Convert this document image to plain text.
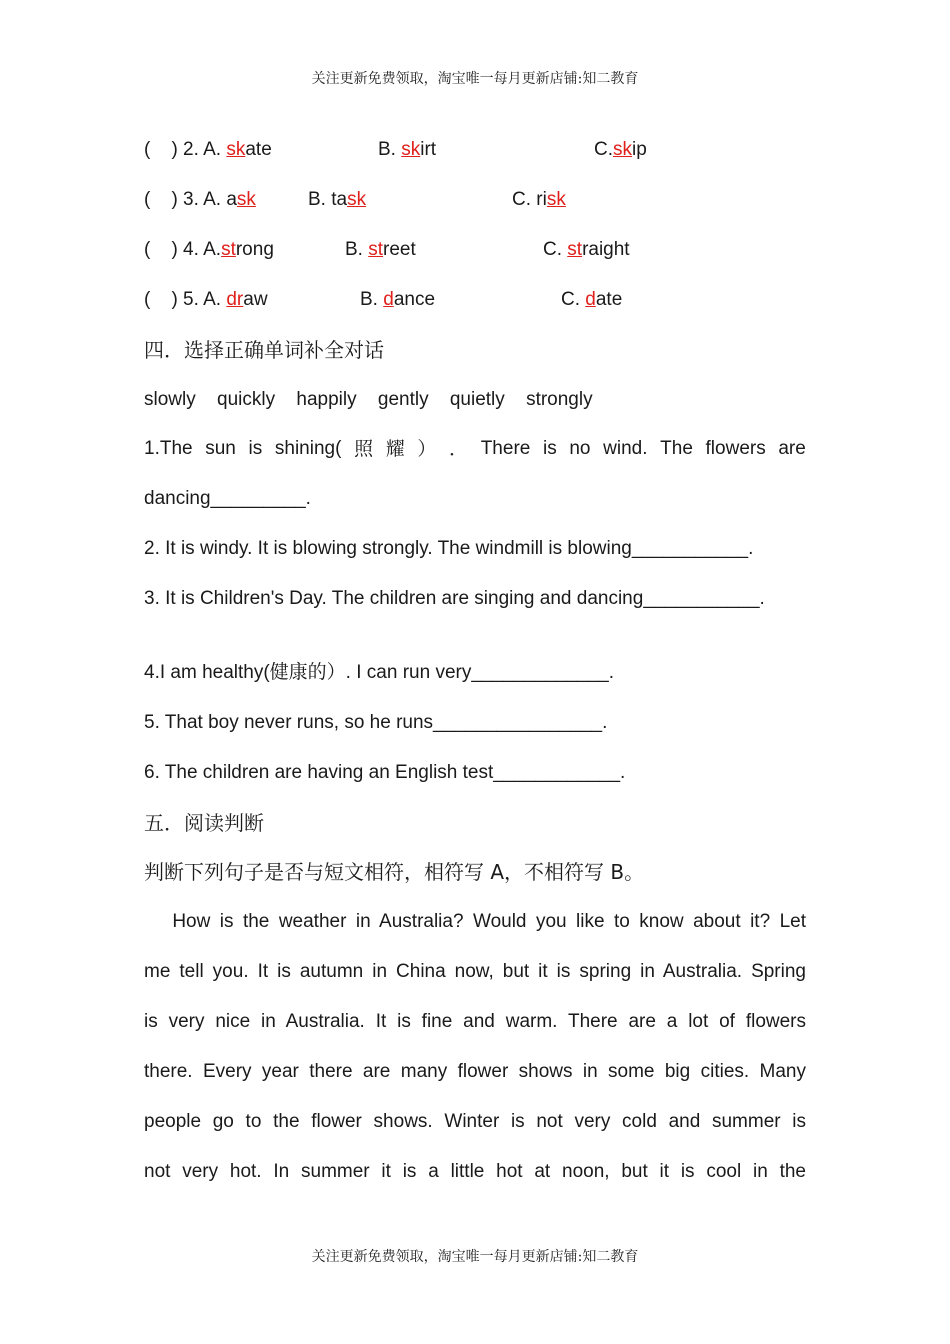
关注更新免费领取，淘宝唯一每月更新店铺:知二教育
(    ) 2. A. skate	B. skirt	C.skip
(    ) 3. A. ask	B. task	C. risk
(    ) 4. A.strong	B. street	C. straight
(    ) 5. A. draw	B. dance	C. date
四．选择正确单词补全对话
slowly quickly happily gently quietly strongly
1.The sun is shining( 照 耀 ） ． There is no wind. The flowers are
dancing_________.
2. It is windy. It is blowing strongly. The windmill is blowing___________.
3. It is Children's Day. The children are singing and dancing___________.
4.I am healthy(健康的）. I can run very_____________.
5. That boy never runs, so he runs________________.
6. The children are having an English test____________.
五．阅读判断
判断下列句子是否与短文相符，相符写 A，不相符写 B。
How is the weather in Australia? Would you like to know about it? Let
me tell you. It is autumn in China now, but it is spring in Australia. Spring
is very nice in Australia. It is fine and warm. There are a lot of flowers
there. Every year there are many flower shows in some big cities. Many
people go to the flower shows. Winter is not very cold and summer is
not very hot. In summer it is a little hot at noon, but it is cool in the
关注更新免费领取，淘宝唯一每月更新店铺:知二教育
